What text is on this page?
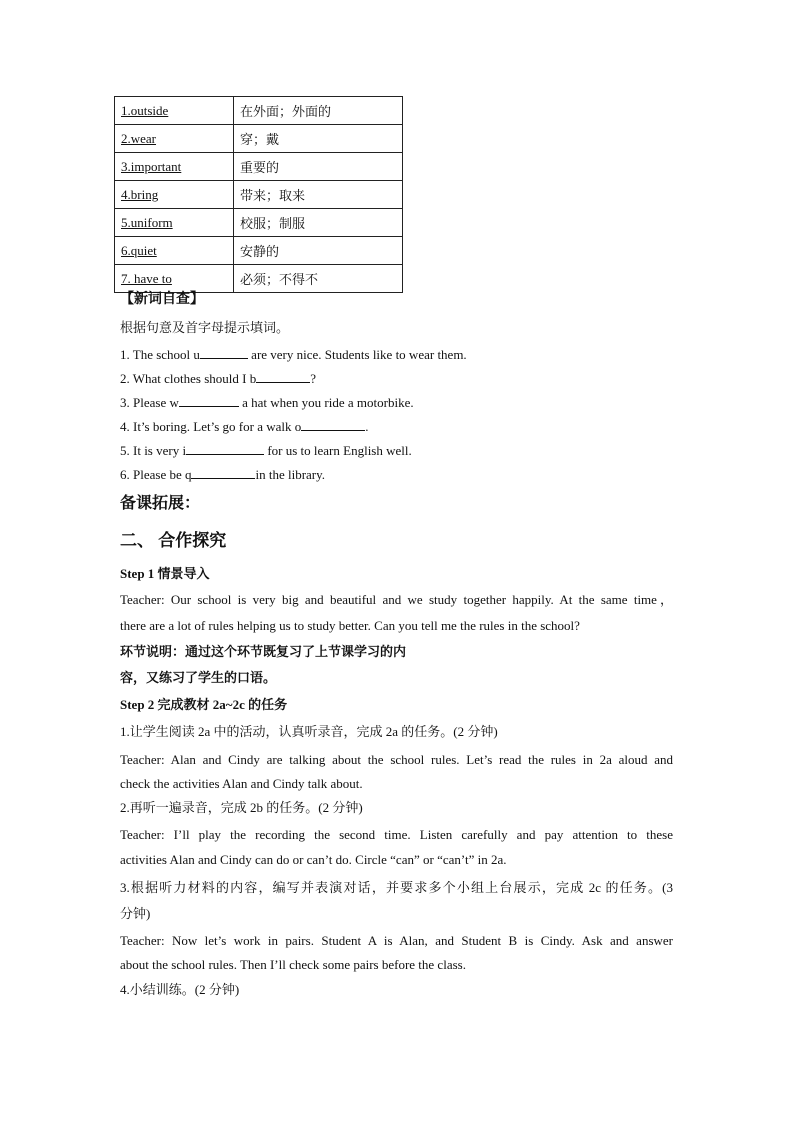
1.outside	在外面；外面的
2.wear	穿；戴
3.important	重要的
4.bring	带来；取来
5.uniform	校服；制服
6.quiet	安静的
7. have to	必须；不得不
【新词自查】
根据句意及首字母提示填词。
1. The school u	are very nice. Students like to wear them.
2. What clothes should I b	?
3. Please w	a hat when you ride a motorbike.
4. It’s boring. Let’s go for a walk o	.
5. It is very i	for us to learn English well.
6. Please be q	in the library.
备课拓展：
二、 合作探究
Step 1 情景导入
Teacher: Our school is very big and beautiful and we study together happily. At the same time，
there are a lot of rules helping us to study better. Can you tell me the rules in the school?
环节说明：通过这个环节既复习了上节课学习的内
容，又练习了学生的口语。
Step 2 完成教材 2a~2c 的任务
1.让学生阅读 2a 中的活动，认真听录音，完成 2a 的任务。(2 分钟)
Teacher: Alan and Cindy are talking about the school rules. Let’s read the rules in 2a aloud and
check the activities Alan and Cindy talk about.
2.再听一遍录音，完成 2b 的任务。(2 分钟)
Teacher: I’ll play the recording the second time. Listen carefully and pay attention to these
activities Alan and Cindy can do or can’t do. Circle “can” or “can’t” in 2a.
3.根据听力材料的内容，编写并表演对话，并要求多个小组上台展示，完成 2c 的任务。(3
分钟)
Teacher: Now let’s work in pairs. Student A is Alan, and Student B is Cindy. Ask and answer
about the school rules. Then I’ll check some pairs before the class.
4.小结训练。(2 分钟)
